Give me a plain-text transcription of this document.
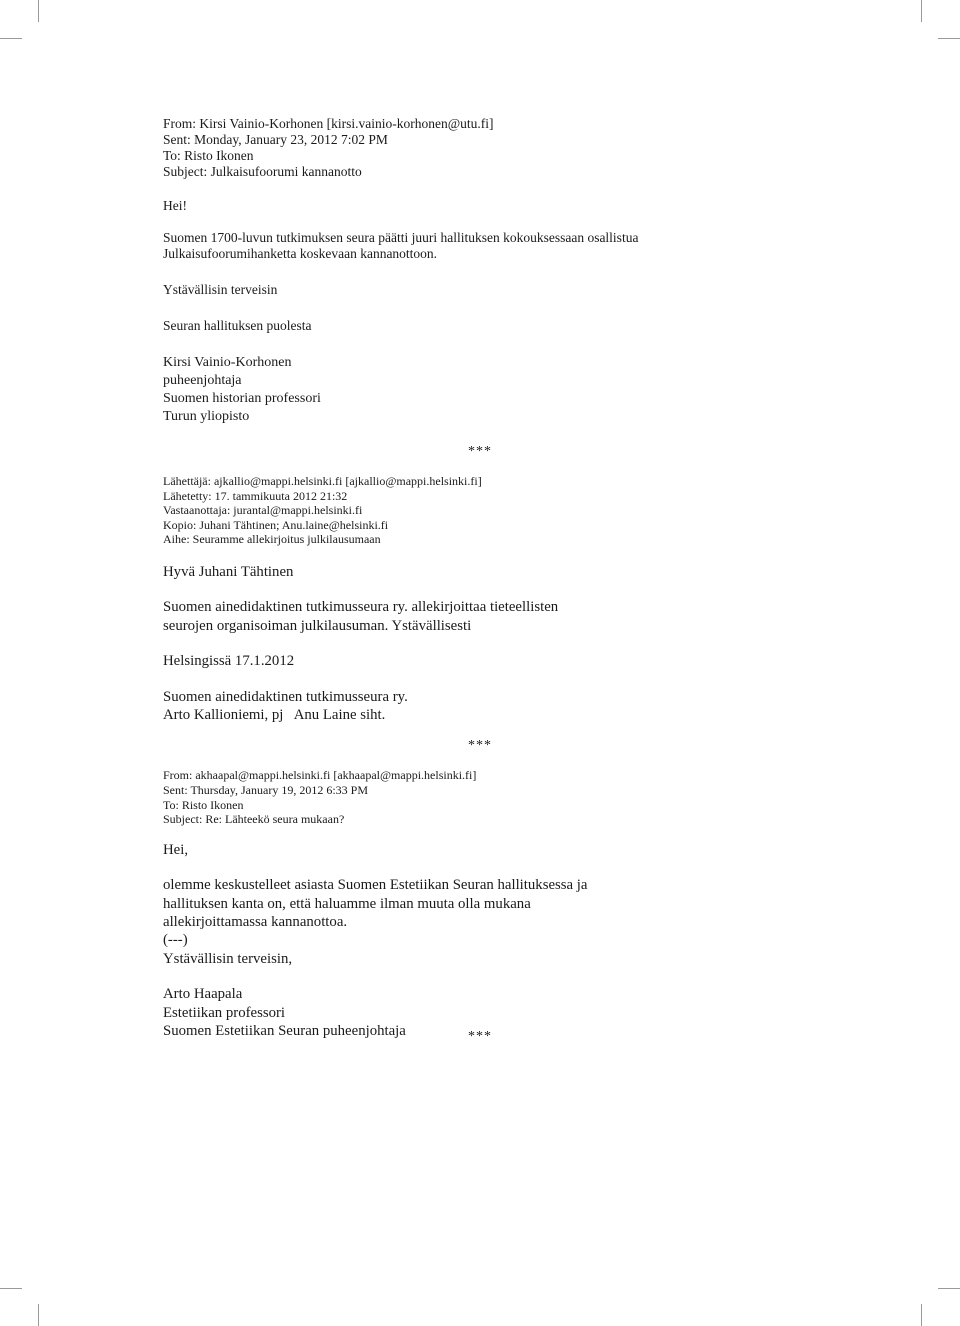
From: Kirsi Vainio-Korhonen [kirsi.vainio-korhonen@utu.fi]
Sent: Monday, January 23, 2012 7:02 PM
To: Risto Ikonen
Subject: Julkaisufoorumi kannanotto
Hei!
Suomen 1700-luvun tutkimuksen seura päätti juuri hallituksen kokouksessaan osallistua
Julkaisufoorumihanketta koskevaan kannanottoon.
Ystävällisin terveisin
Seuran hallituksen puolesta
Kirsi Vainio-Korhonen
puheenjohtaja
Suomen historian professori
Turun yliopisto
***
Lähettäjä: ajkallio@mappi.helsinki.fi [ajkallio@mappi.helsinki.fi]
Lähetetty: 17. tammikuuta 2012 21:32
Vastaanottaja: jurantal@mappi.helsinki.fi
Kopio: Juhani Tähtinen; Anu.laine@helsinki.fi
Aihe: Seuramme allekirjoitus julkilausumaan
Hyvä Juhani Tähtinen
Suomen ainedidaktinen tutkimusseura ry. allekirjoittaa tieteellisten
seurojen organisoiman julkilausuman. Ystävällisesti
Helsingissä 17.1.2012
Suomen ainedidaktinen tutkimusseura ry.
Arto Kallioniemi, pj   Anu Laine siht.
***
From: akhaapal@mappi.helsinki.fi [akhaapal@mappi.helsinki.fi]
Sent: Thursday, January 19, 2012 6:33 PM
To: Risto Ikonen
Subject: Re: Lähteekö seura mukaan?
Hei,
olemme keskustelleet asiasta Suomen Estetiikan Seuran hallituksessa ja
hallituksen kanta on, että haluamme ilman muuta olla mukana
allekirjoittamassa kannanottoa.
(---)
Ystävällisin terveisin,
Arto Haapala
Estetiikan professori
Suomen Estetiikan Seuran puheenjohtaja	***
